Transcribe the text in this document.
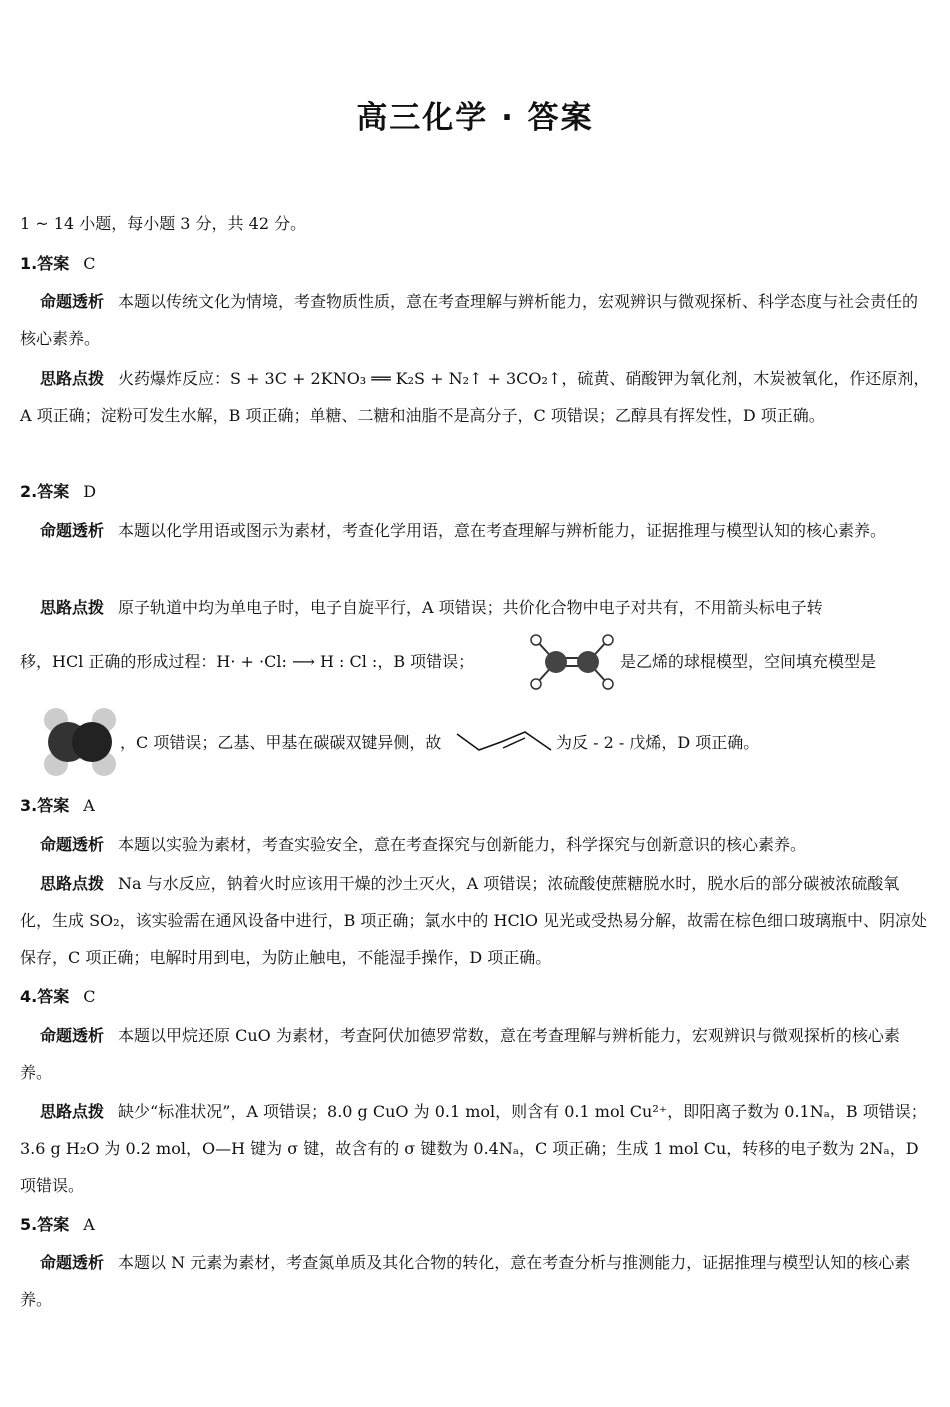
高三化学 · 答案
1 ~ 14 小题，每小题 3 分，共 42 分。
1.答案 C
命题透析 本题以传统文化为情境，考查物质性质，意在考查理解与辨析能力，宏观辨识与微观探析、科学态度与社会责任的核心素养。
思路点拨 火药爆炸反应：S + 3C + 2KNO₃ ══ K₂S + N₂↑ + 3CO₂↑，硫黄、硝酸钾为氧化剂，木炭被氧化，作还原剂，A 项正确；淀粉可发生水解，B 项正确；单糖、二糖和油脂不是高分子，C 项错误；乙醇具有挥发性，D 项正确。
2.答案 D
命题透析 本题以化学用语或图示为素材，考查化学用语，意在考查理解与辨析能力，证据推理与模型认知的核心素养。
思路点拨 原子轨道中均为单电子时，电子自旋平行，A 项错误；共价化合物中电子对共有，不用箭头标电子转
移，HCl 正确的形成过程：H· + ·Cl: ⟶ H : Cl :，B 项错误；	是乙烯的球棍模型，空间填充模型是
，C 项错误；乙基、甲基在碳碳双键异侧，故	为反 - 2 - 戊烯，D 项正确。
3.答案 A
命题透析 本题以实验为素材，考查实验安全，意在考查探究与创新能力，科学探究与创新意识的核心素养。
思路点拨 Na 与水反应，钠着火时应该用干燥的沙土灭火，A 项错误；浓硫酸使蔗糖脱水时，脱水后的部分碳被浓硫酸氧化，生成 SO₂，该实验需在通风设备中进行，B 项正确；氯水中的 HClO 见光或受热易分解，故需在棕色细口玻璃瓶中、阴凉处保存，C 项正确；电解时用到电，为防止触电，不能湿手操作，D 项正确。
4.答案 C
命题透析 本题以甲烷还原 CuO 为素材，考查阿伏加德罗常数，意在考查理解与辨析能力，宏观辨识与微观探析的核心素养。
思路点拨 缺少“标准状况”，A 项错误；8.0 g CuO 为 0.1 mol，则含有 0.1 mol Cu²⁺，即阳离子数为 0.1Nₐ，B 项错误；3.6 g H₂O 为 0.2 mol，O—H 键为 σ 键，故含有的 σ 键数为 0.4Nₐ，C 项正确；生成 1 mol Cu，转移的电子数为 2Nₐ，D 项错误。
5.答案 A
命题透析 本题以 N 元素为素材，考查氮单质及其化合物的转化，意在考查分析与推测能力，证据推理与模型认知的核心素养。
